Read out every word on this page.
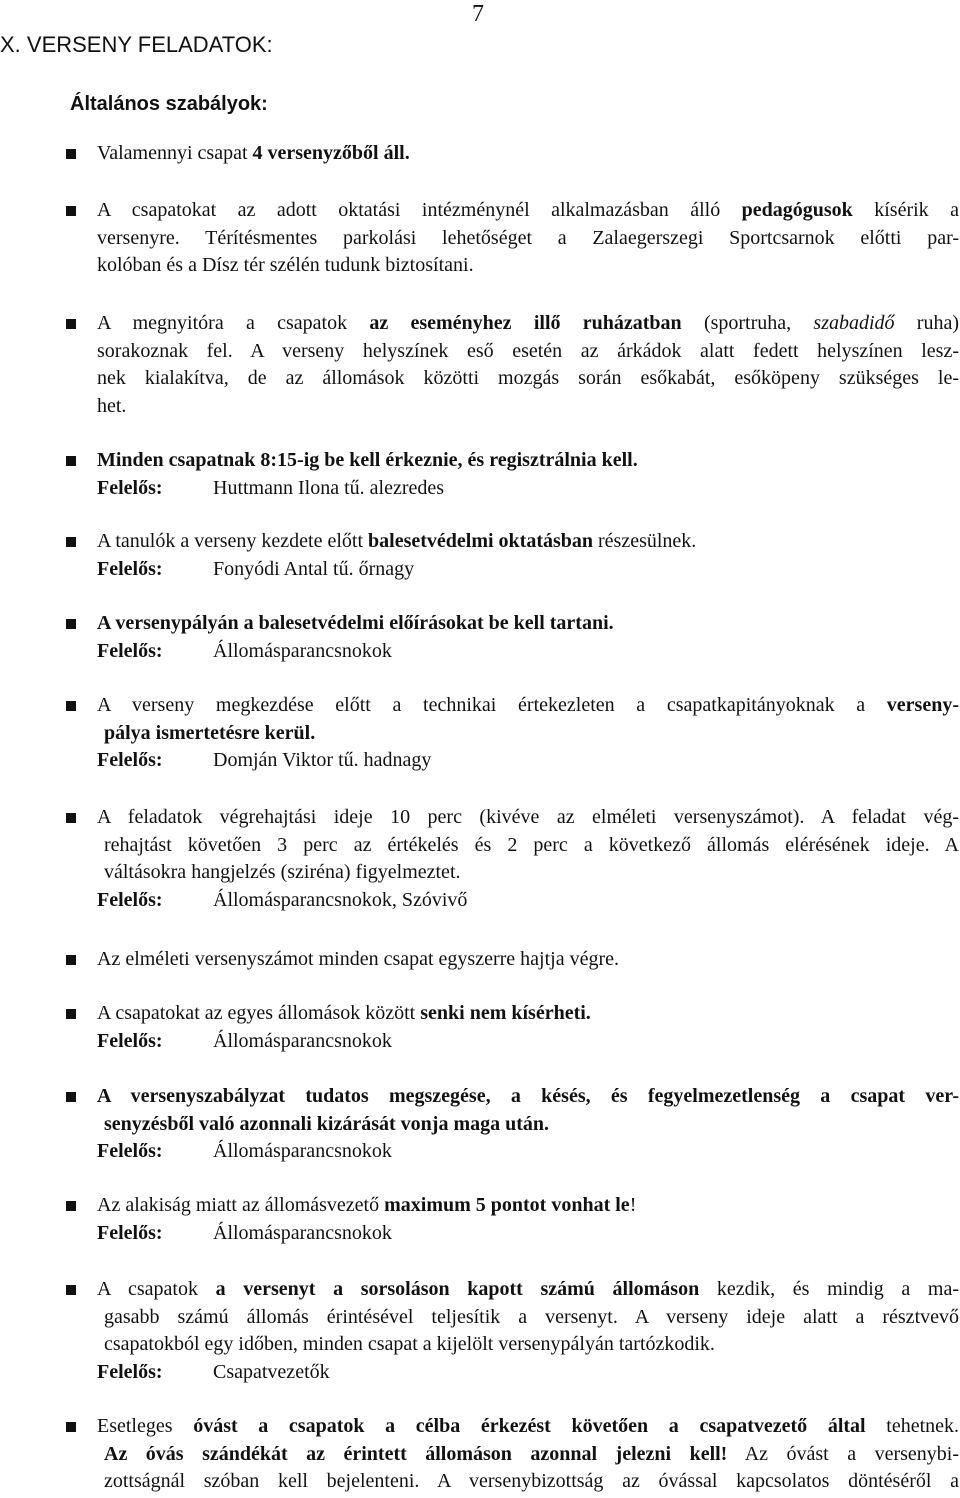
7
X. VERSENY FELADATOK:
Általános szabályok:

Valamennyi csapat 4 versenyzőből áll.

A csapatokat az adott oktatási intézménynél alkalmazásban álló pedagógusok kísérik a

versenyre. Térítésmentes parkolási lehetőséget a Zalaegerszegi Sportcsarnok előtti par-

kolóban és a Dísz tér szélén tudunk biztosítani.

A megnyitóra a csapatok az eseményhez illő ruházatban (sportruha, szabadidő ruha)

sorakoznak fel. A verseny helyszínek eső esetén az árkádok alatt fedett helyszínen lesz-

nek kialakítva, de az állomások közötti mozgás során esőkabát, esőköpeny szükséges le-

het.

Minden csapatnak 8:15-ig be kell érkeznie, és regisztrálnia kell.

Felelős:	Huttmann Ilona tű. alezredes

A tanulók a verseny kezdete előtt balesetvédelmi oktatásban részesülnek.

Felelős:	Fonyódi Antal tű. őrnagy

A versenypályán a balesetvédelmi előírásokat be kell tartani.

Felelős:	Állomásparancsnokok

A verseny megkezdése előtt a technikai értekezleten a csapatkapitányoknak a verseny-

pálya ismertetésre kerül.

Felelős:	Domján Viktor tű. hadnagy

A feladatok végrehajtási ideje 10 perc (kivéve az elméleti versenyszámot). A feladat vég-

rehajtást követően 3 perc az értékelés és 2 perc a következő állomás elérésének ideje. A

váltásokra hangjelzés (sziréna) figyelmeztet.

Felelős:	Állomásparancsnokok, Szóvivő

Az elméleti versenyszámot minden csapat egyszerre hajtja végre.

A csapatokat az egyes állomások között senki nem kísérheti.

Felelős:	Állomásparancsnokok

A versenyszabályzat tudatos megszegése, a késés, és fegyelmezetlenség a csapat ver-

senyzésből való azonnali kizárását vonja maga után.

Felelős:	Állomásparancsnokok

Az alakiság miatt az állomásvezető maximum 5 pontot vonhat le!

Felelős:	Állomásparancsnokok

A csapatok a versenyt a sorsoláson kapott számú állomáson kezdik, és mindig a ma-

gasabb számú állomás érintésével teljesítik a versenyt. A verseny ideje alatt a résztvevő

csapatokból egy időben, minden csapat a kijelölt versenypályán tartózkodik.

Felelős:	Csapatvezetők

Esetleges óvást a csapatok a célba érkezést követően a csapatvezető által tehetnek.

Az óvás szándékát az érintett állomáson azonnal jelezni kell! Az óvást a versenybi-

zottságnál szóban kell bejelenteni. A versenybizottság az óvással kapcsolatos döntéséről a
